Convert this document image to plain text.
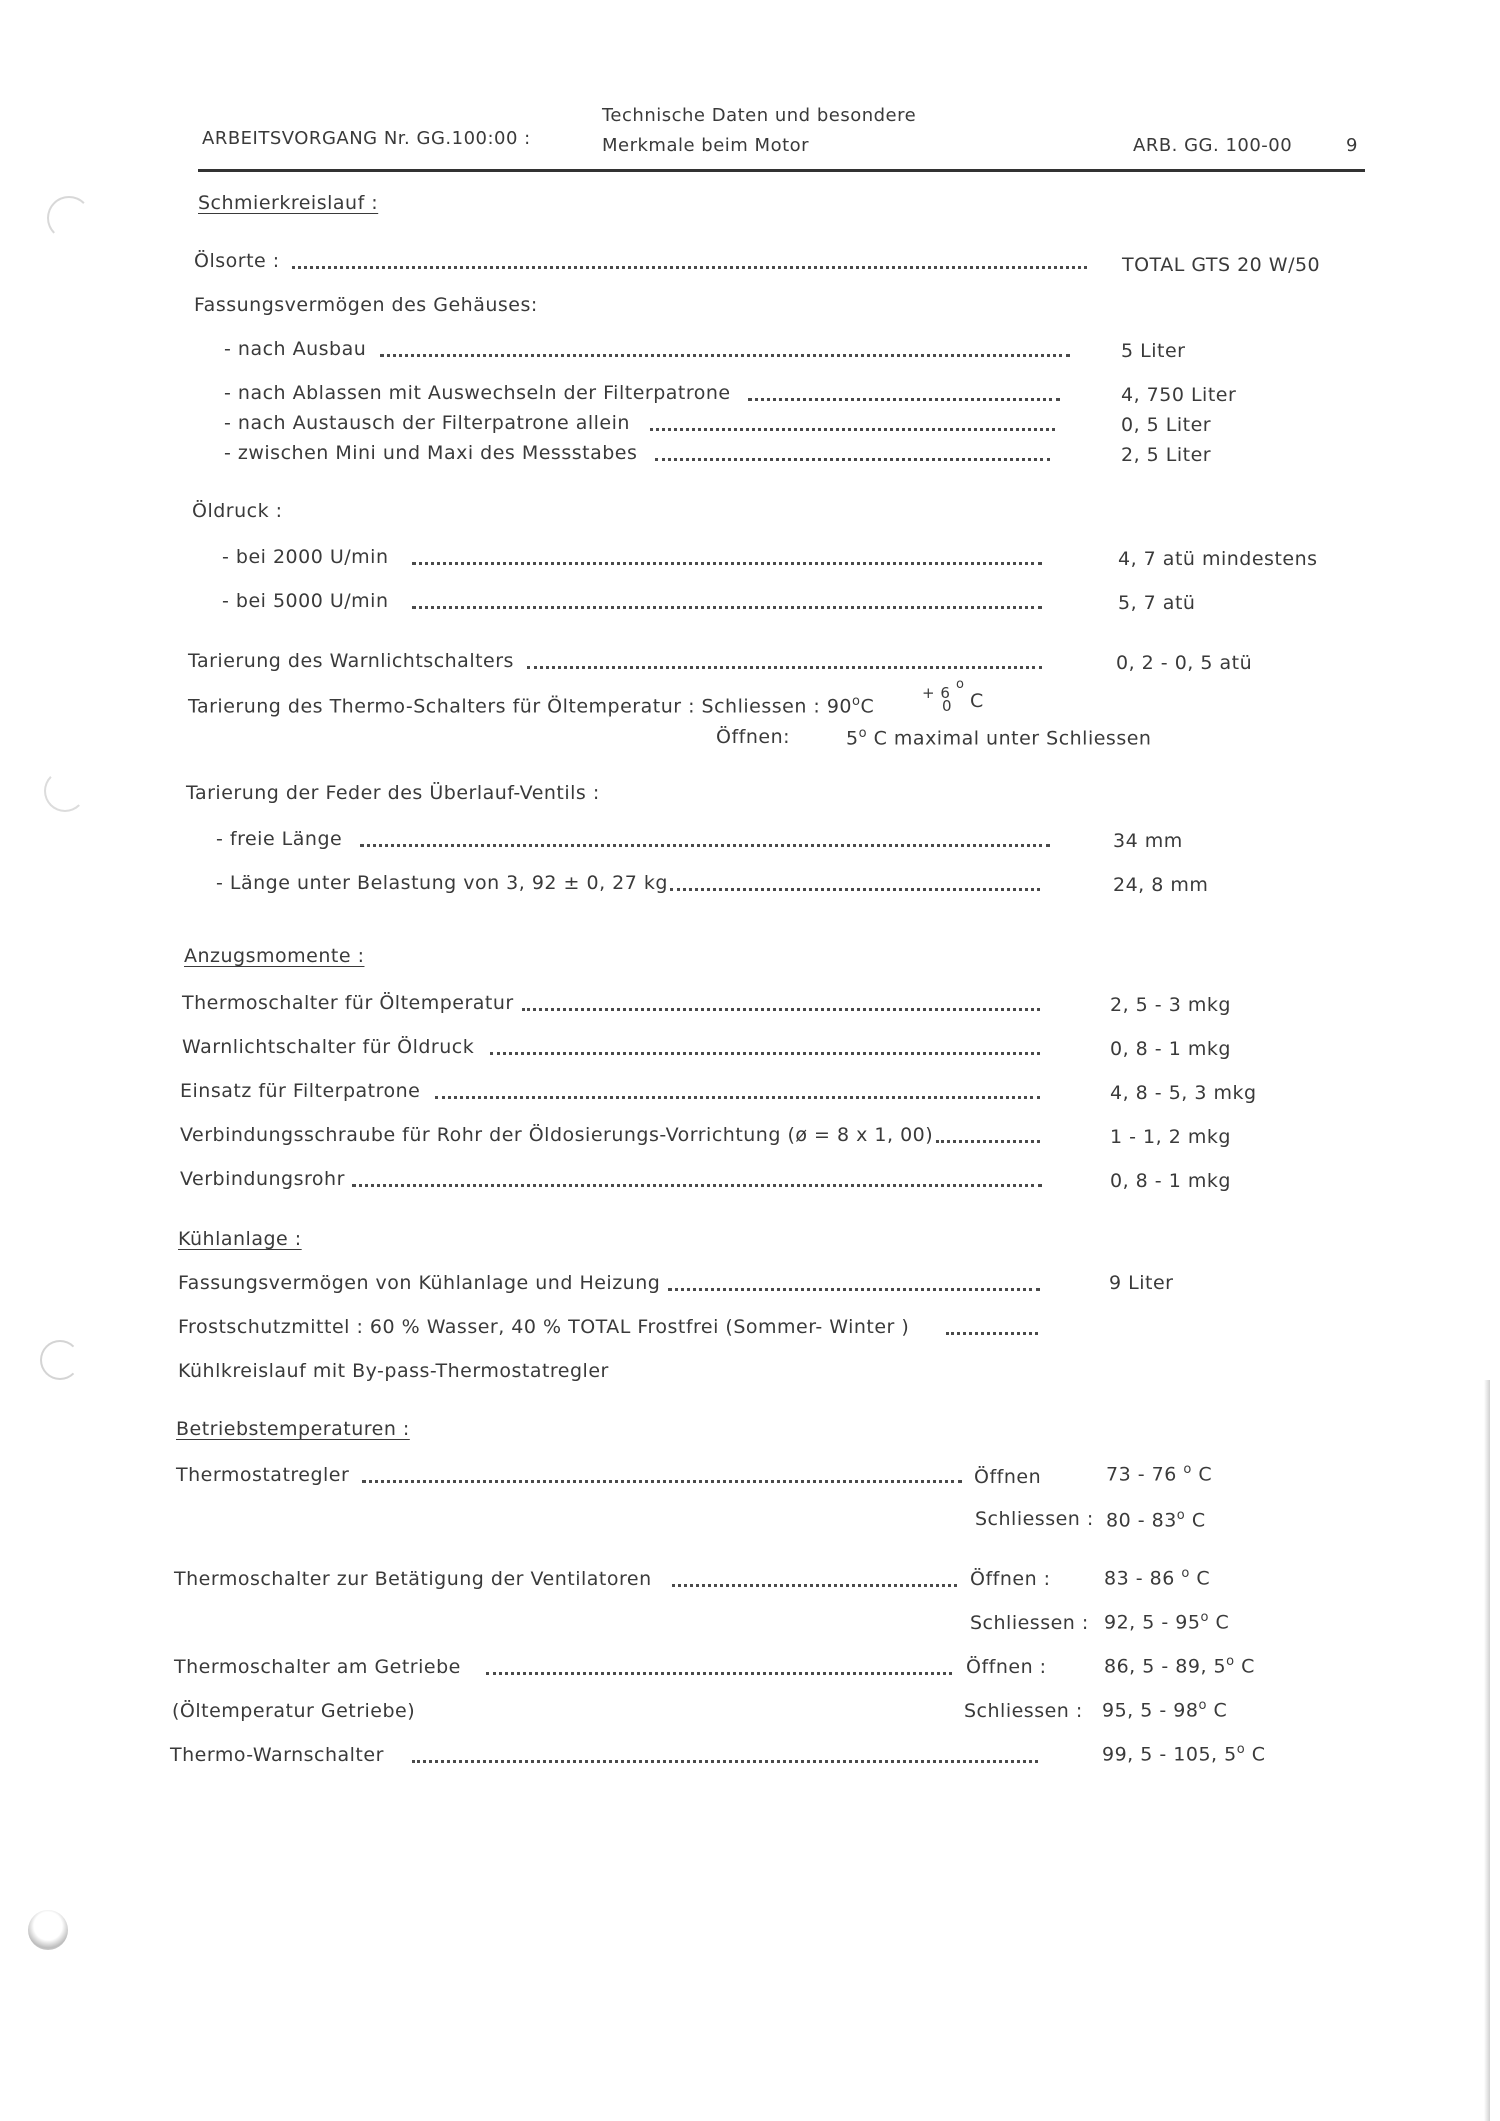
ARBEITSVORGANG Nr. GG.100:00 :
Technische Daten und besondere
Merkmale beim Motor	ARB. GG. 100-00	9
Schmierkreislauf :
Ölsorte :	TOTAL GTS 20 W/50
Fassungsvermögen des Gehäuses:
- nach Ausbau	5 Liter
- nach Ablassen mit Auswechseln der Filterpatrone	4, 750 Liter
- nach Austausch der Filterpatrone allein	0, 5 Liter
- zwischen Mini und Maxi des Messstabes	2, 5 Liter
Öldruck :
- bei 2000 U/min	4, 7 atü mindestens
- bei 5000 U/min	5, 7 atü
Tarierung des Warnlichtschalters	0, 2 - 0, 5 atü
Tarierung des Thermo-Schalters für Öltemperatur : Schliessen : $90^oC$
+ 6 o
0 C
Öffnen:	5$^o$ C maximal unter Schliessen
Tarierung der Feder des Überlauf-Ventils :
- freie Länge	34 mm
- Länge unter Belastung von 3, 92 ± 0, 27 kg	24, 8 mm
Anzugsmomente :
Thermoschalter für Öltemperatur	2, 5 - 3 mkg
Warnlichtschalter für Öldruck	0, 8 - 1 mkg
Einsatz für Filterpatrone	4, 8 - 5, 3 mkg
Verbindungsschraube für Rohr der Öldosierungs-Vorrichtung (ø = 8 x 1, 00)	1 - 1, 2 mkg
Verbindungsrohr	0, 8 - 1 mkg
Kühlanlage :
Fassungsvermögen von Kühlanlage und Heizung	9 Liter
Frostschutzmittel : 60 % Wasser, 40 % TOTAL Frostfrei (Sommer- Winter )
Kühlkreislauf mit By-pass-Thermostatregler
Betriebstemperaturen :
Thermostatregler	Öffnen	73 - 76 $^o$ C
Schliessen : 80 - 83$^o$ C
Thermoschalter zur Betätigung der Ventilatoren	Öffnen :	83 - 86 $^o$ C
Schliessen : 92, 5 - 95$^o$ C
Thermoschalter am Getriebe	Öffnen :	86, 5 - 89, 5$^o$ C
(Öltemperatur Getriebe)	Schliessen : 95, 5 - 98$^o$ C
Thermo-Warnschalter	99, 5 - 105, 5$^o$ C
